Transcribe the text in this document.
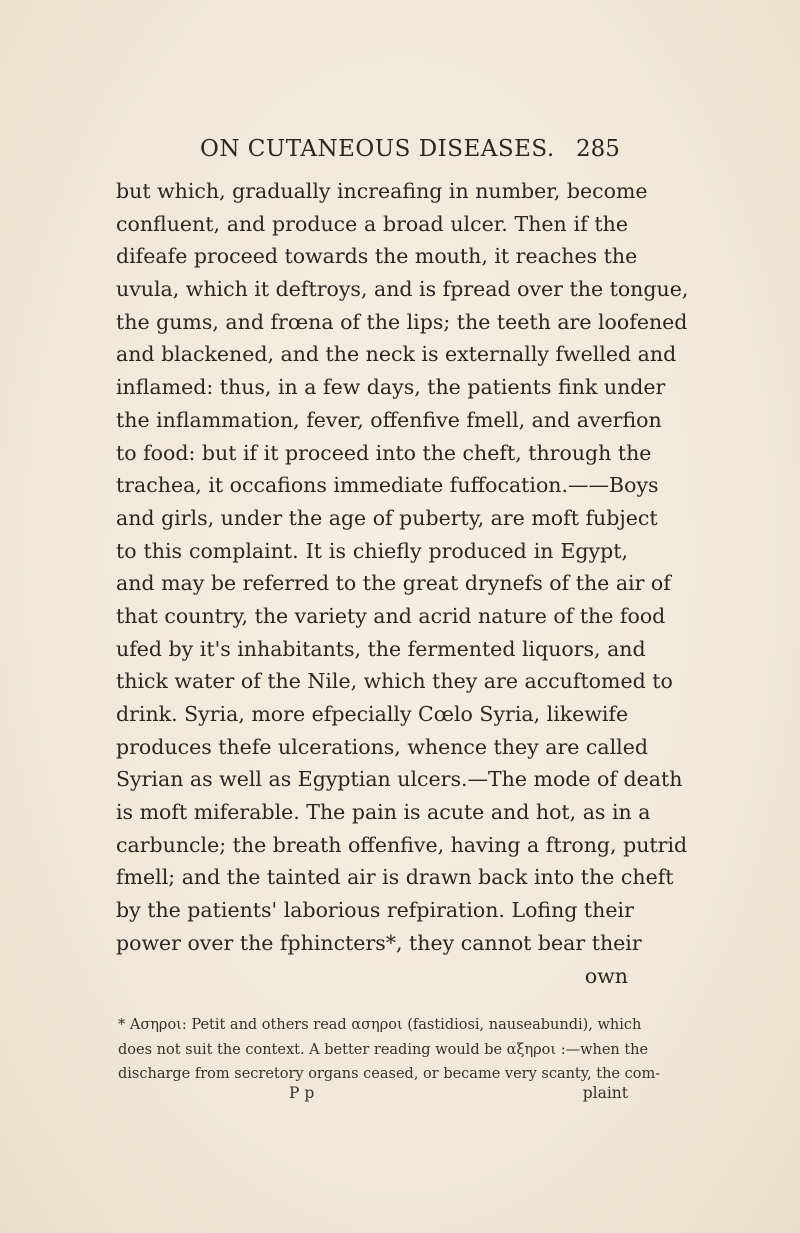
ON CUTANEOUS DISEASES. 285
but which, gradually increafing in number, become
confluent, and produce a broad ulcer. Then if the
difeafe proceed towards the mouth, it reaches the
uvula, which it deftroys, and is fpread over the tongue,
the gums, and frœna of the lips; the teeth are loofened
and blackened, and the neck is externally fwelled and
inflamed: thus, in a few days, the patients fink under
the inflammation, fever, offenfive fmell, and averfion
to food: but if it proceed into the cheft, through the
trachea, it occafions immediate fuffocation.——Boys
and girls, under the age of puberty, are moft fubject
to this complaint. It is chiefly produced in Egypt,
and may be referred to the great drynefs of the air of
that country, the variety and acrid nature of the food
ufed by it's inhabitants, the fermented liquors, and
thick water of the Nile, which they are accuftomed to
drink. Syria, more efpecially Cœlo Syria, likewife
produces thefe ulcerations, whence they are called
Syrian as well as Egyptian ulcers.—The mode of death
is moft miferable. The pain is acute and hot, as in a
carbuncle; the breath offenfive, having a ftrong, putrid
fmell; and the tainted air is drawn back into the cheft
by the patients' laborious refpiration. Lofing their
power over the fphincters*, they cannot bear their
own
* Ασηροι: Petit and others read ασηροι (fastidiosi, nauseabundi), which
does not suit the context. A better reading would be αξηροι :—when the
discharge from secretory organs ceased, or became very scanty, the com-
P p	plaint
